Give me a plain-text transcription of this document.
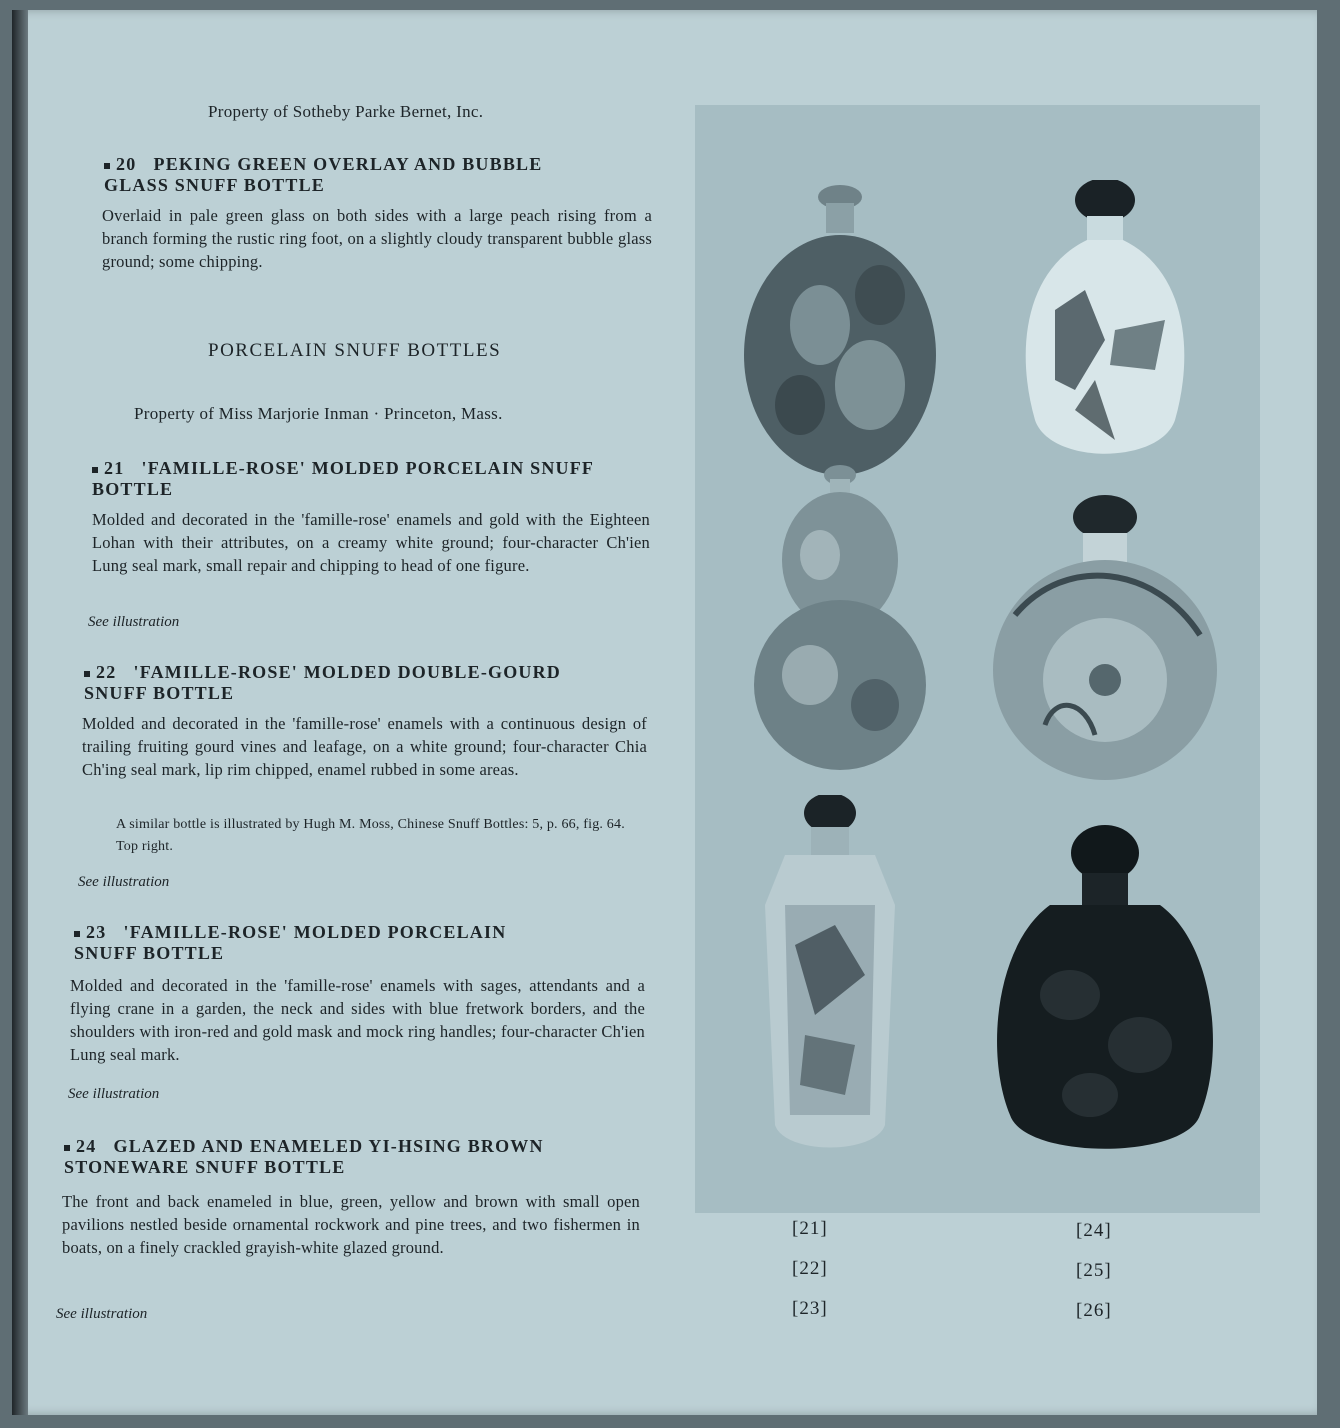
Property of Sotheby Parke Bernet, Inc.
20 PEKING GREEN OVERLAY AND BUBBLE
GLASS SNUFF BOTTLE
Overlaid in pale green glass on both sides with a large peach rising from a branch forming the rustic ring foot, on a slightly cloudy transparent bubble glass ground; some chipping.
PORCELAIN SNUFF BOTTLES
Property of Miss Marjorie Inman · Princeton, Mass.
21 'FAMILLE-ROSE' MOLDED PORCELAIN SNUFF
BOTTLE
Molded and decorated in the 'famille-rose' enamels and gold with the Eighteen Lohan with their attributes, on a creamy white ground; four-character Ch'ien Lung seal mark, small repair and chipping to head of one figure.
See illustration
22 'FAMILLE-ROSE' MOLDED DOUBLE-GOURD
SNUFF BOTTLE
Molded and decorated in the 'famille-rose' enamels with a continuous design of trailing fruiting gourd vines and leafage, on a white ground; four-character Chia Ch'ing seal mark, lip rim chipped, enamel rubbed in some areas.
A similar bottle is illustrated by Hugh M. Moss, Chinese Snuff Bottles: 5, p. 66, fig. 64. Top right.
See illustration
23 'FAMILLE-ROSE' MOLDED PORCELAIN
SNUFF BOTTLE
Molded and decorated in the 'famille-rose' enamels with sages, attendants and a flying crane in a garden, the neck and sides with blue fretwork borders, and the shoulders with iron-red and gold mask and mock ring handles; four-character Ch'ien Lung seal mark.
See illustration
24 GLAZED AND ENAMELED YI-HSING BROWN
STONEWARE SNUFF BOTTLE
The front and back enameled in blue, green, yellow and brown with small open pavilions nestled beside ornamental rockwork and pine trees, and two fishermen in boats, on a finely crackled grayish-white glazed ground.
See illustration
[21]
[22]
[23]
[24]
[25]
[26]
